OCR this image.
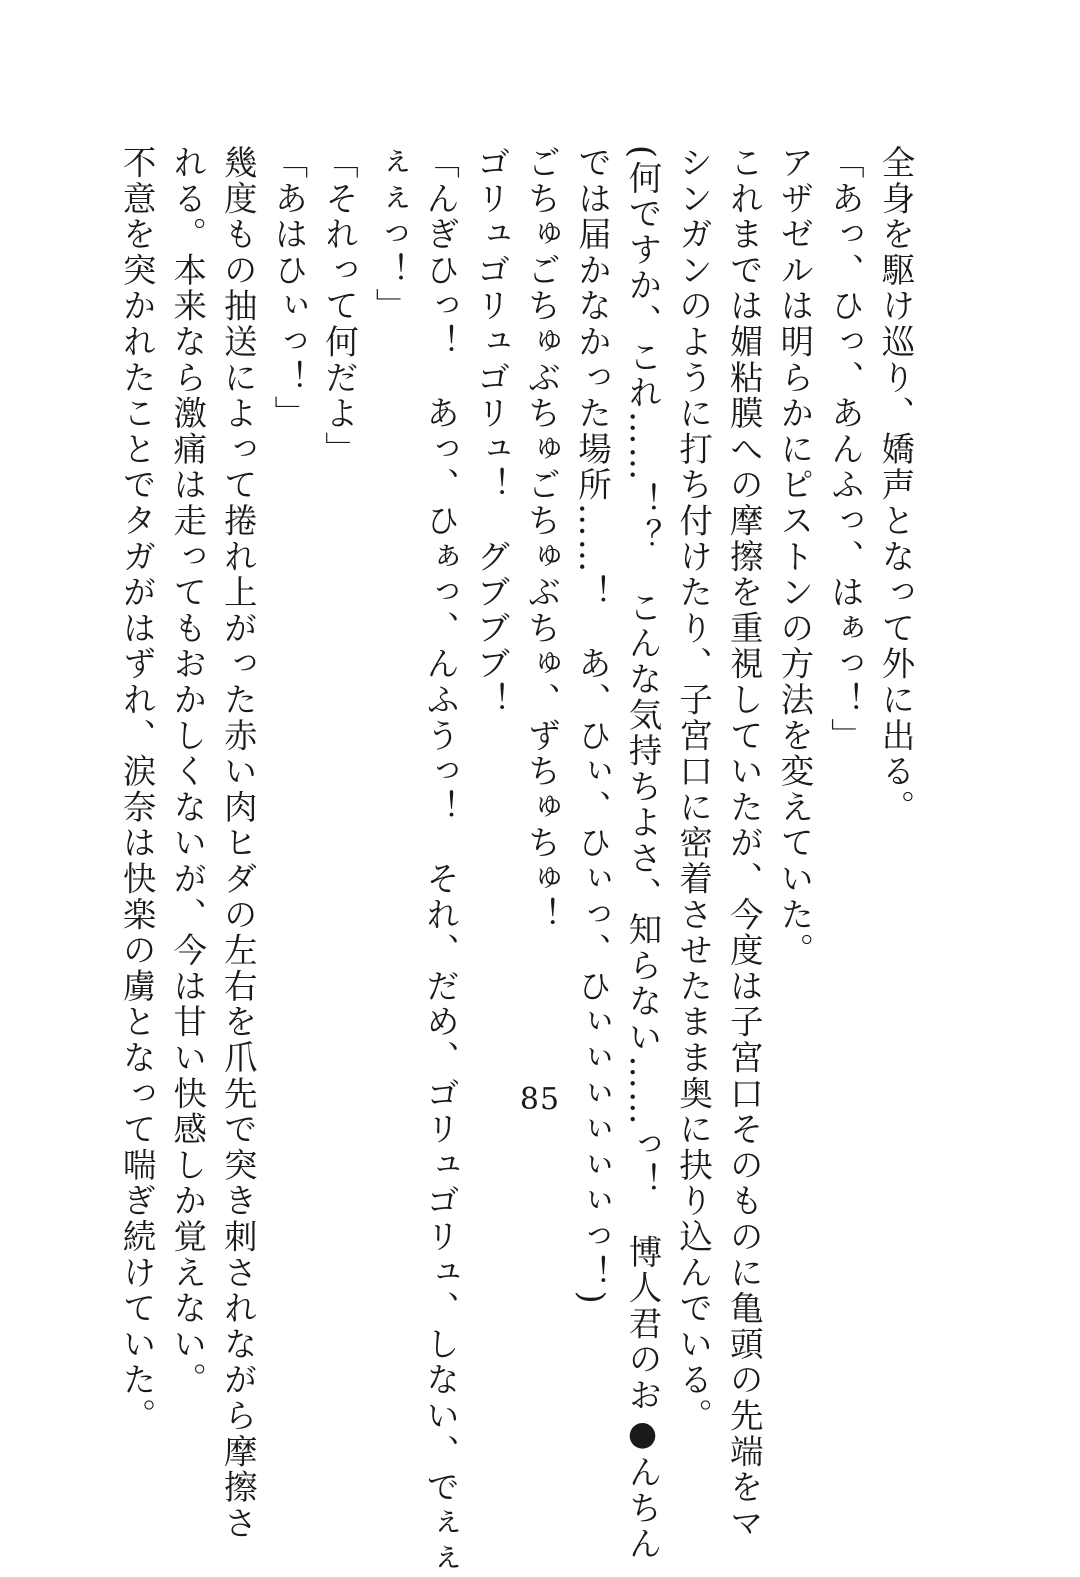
全身を駆け巡り、嬌声となって外に出る。

「あっ、ひっ、あんふっ、はぁっ！」

アザゼルは明らかにピストンの方法を変えていた。

これまでは媚粘膜への摩擦を重視していたが、今度は子宮口そのものに亀頭の先端をマ

シンガンのように打ち付けたり、子宮口に密着させたまま奥に抉り込んでいる。

(何ですか、これ……！？　こんな気持ちよさ、知らない……っ！　博人君のお●んちん

では届かなかった場所……！　あ、ひぃ、ひぃっ、ひぃぃぃぃぃぃっ！)

ごちゅごちゅぶちゅごちゅぶちゅ、ずちゅちゅ！

ゴリュゴリュゴリュ！　グブブブ！

「んぎひっ！　あっ、ひぁっ、んふうっ！　それ、だめ、ゴリュゴリュ、しない、でぇぇ

ぇぇっ！」

「それって何だよ」

「あはひぃっ！」

幾度もの抽送によって捲れ上がった赤い肉ヒダの左右を爪先で突き刺されながら摩擦さ

れる。本来なら激痛は走ってもおかしくないが、今は甘い快感しか覚えない。

不意を突かれたことでタガがはずれ、涙奈は快楽の虜となって喘ぎ続けていた。	85
